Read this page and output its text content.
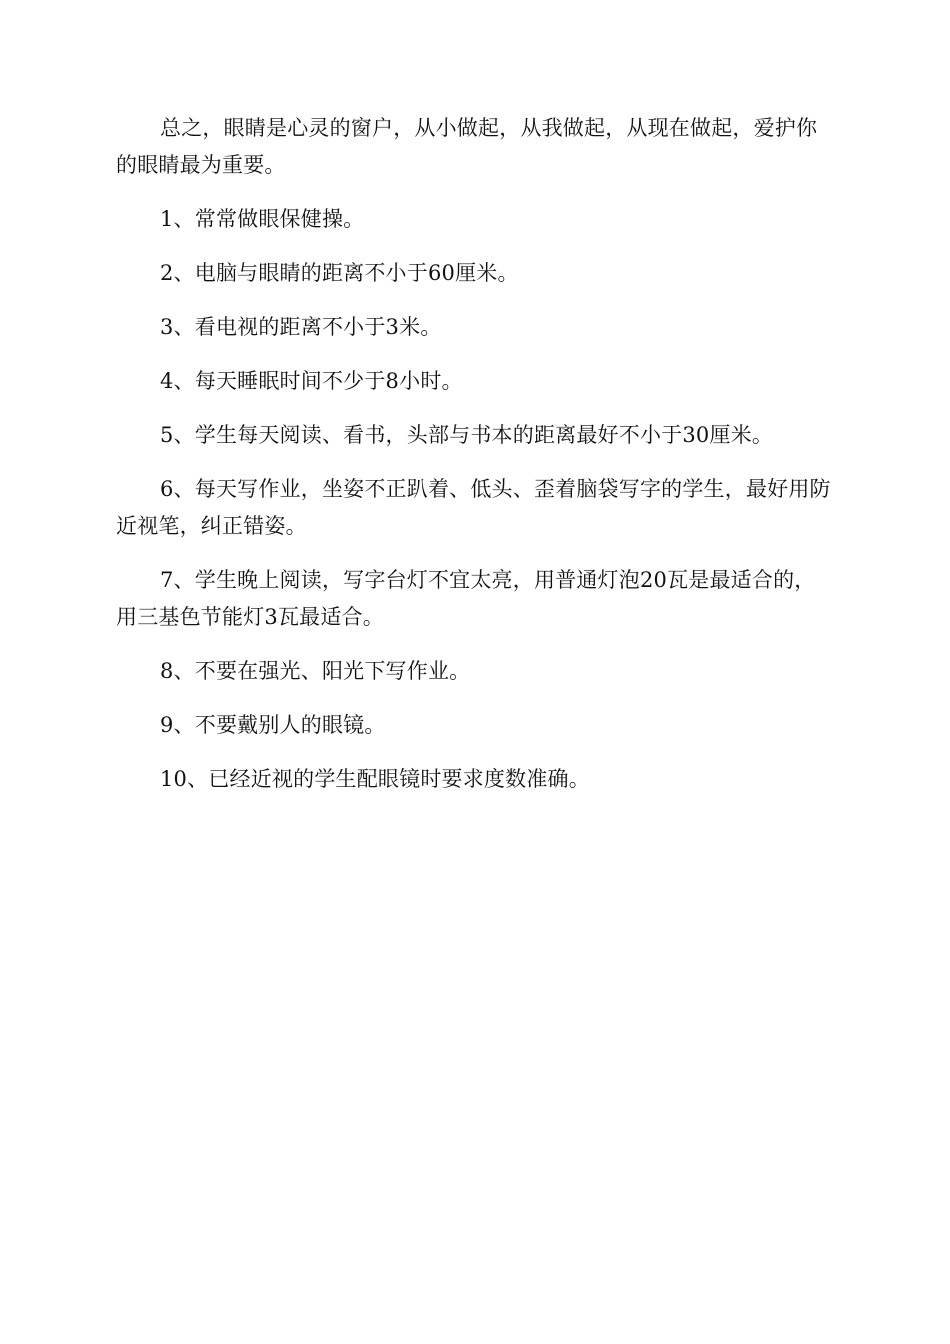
总之，眼睛是心灵的窗户，从小做起，从我做起，从现在做起，爱护你的眼睛最为重要。

1、常常做眼保健操。

2、电脑与眼睛的距离不小于60厘米。

3、看电视的距离不小于3米。

4、每天睡眠时间不少于8小时。

5、学生每天阅读、看书，头部与书本的距离最好不小于30厘米。

6、每天写作业，坐姿不正趴着、低头、歪着脑袋写字的学生，最好用防近视笔，纠正错姿。

7、学生晚上阅读，写字台灯不宜太亮，用普通灯泡20瓦是最适合的，用三基色节能灯3瓦最适合。

8、不要在强光、阳光下写作业。

9、不要戴别人的眼镜。

10、已经近视的学生配眼镜时要求度数准确。
